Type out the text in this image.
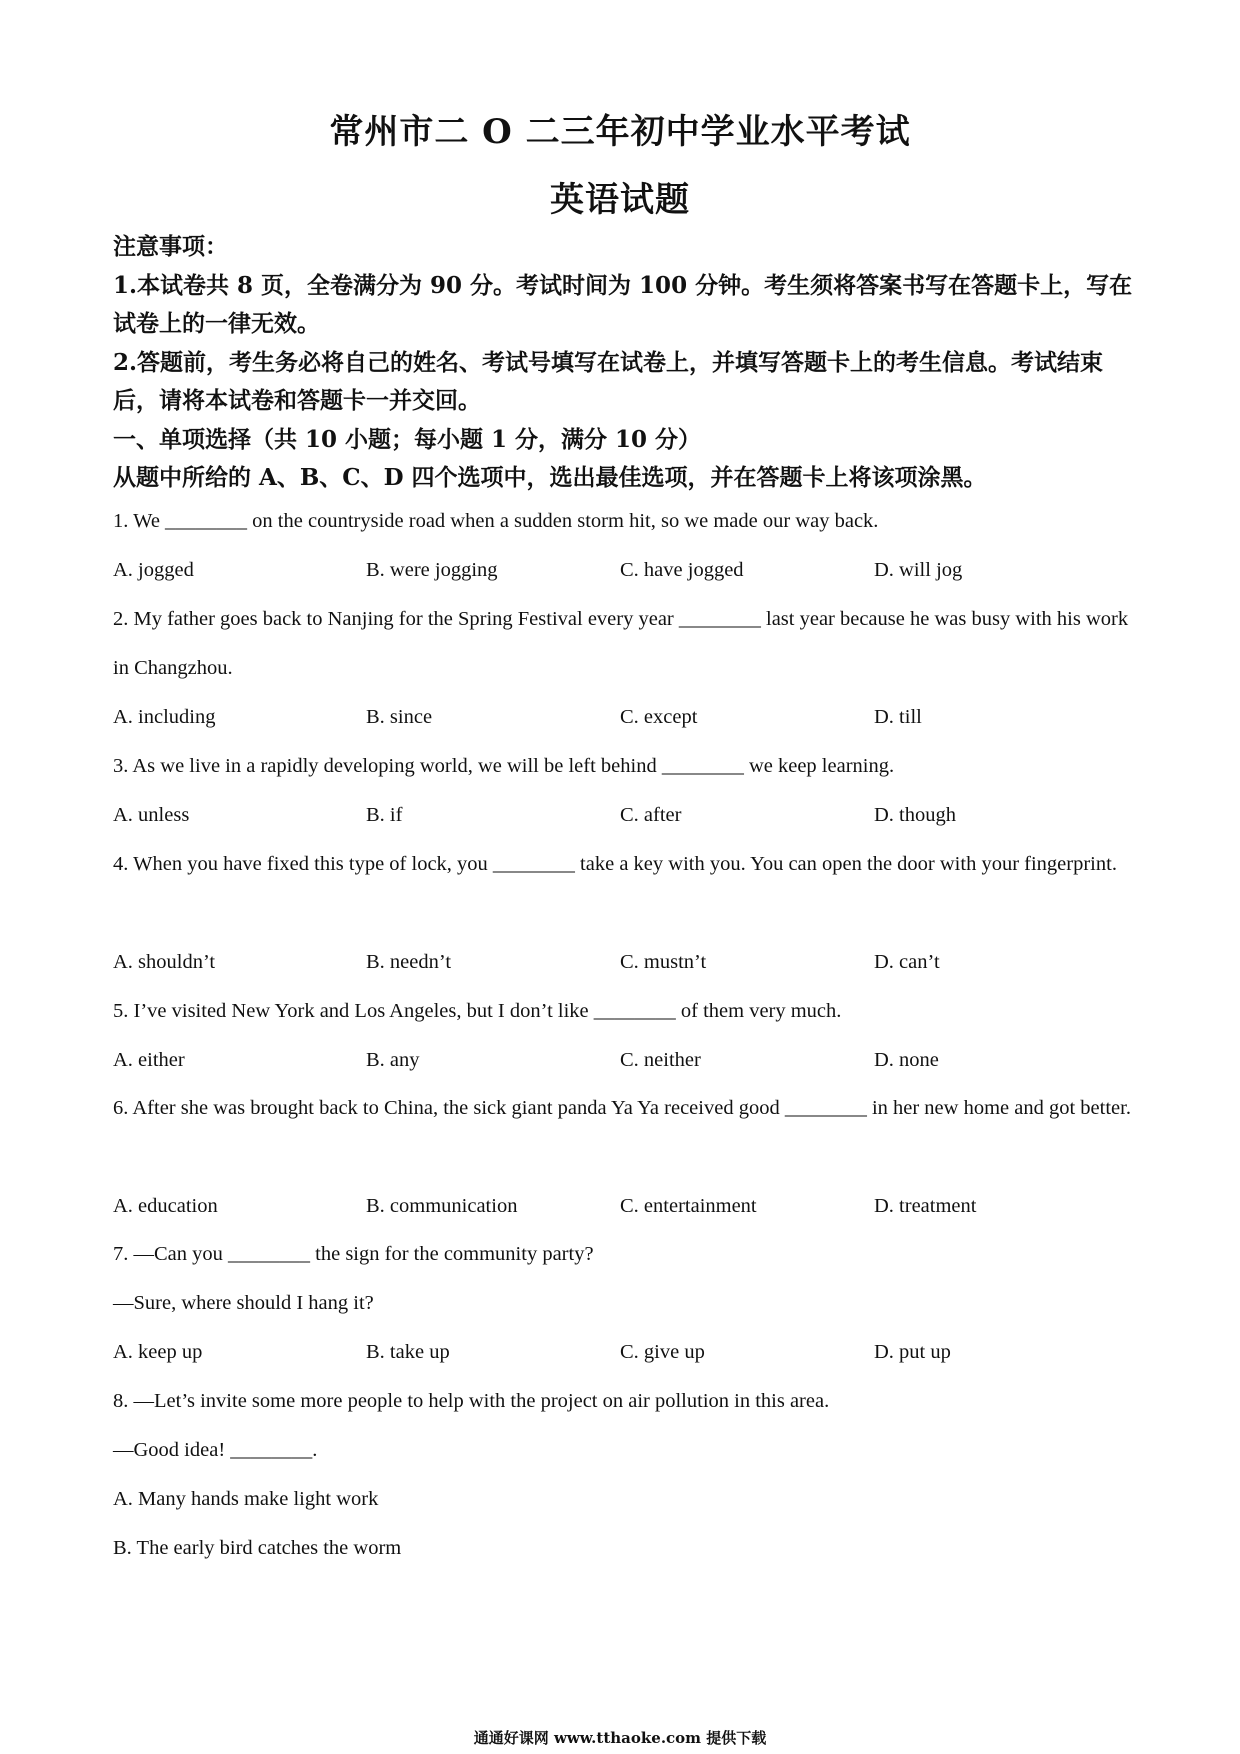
常州市二 O 二三年初中学业水平考试
英语试题

注意事项：

1.本试卷共 8 页，全卷满分为 90 分。考试时间为 100 分钟。考生须将答案书写在答题卡上，写在试卷上的一律无效。

2.答题前，考生务必将自己的姓名、考试号填写在试卷上，并填写答题卡上的考生信息。考试结束后，请将本试卷和答题卡一并交回。

一、单项选择（共 10 小题；每小题 1 分，满分 10 分）

从题中所给的 A、B、C、D 四个选项中，选出最佳选项，并在答题卡上将该项涂黑。

1. We ________ on the countryside road when a sudden storm hit, so we made our way back.
A. jogged	B. were jogging	C. have jogged	D. will jog
2. My father goes back to Nanjing for the Spring Festival every year ________ last year because he was busy with his work in Changzhou.
A. including	B. since	C. except	D. till
3. As we live in a rapidly developing world, we will be left behind ________ we keep learning.
A. unless	B. if	C. after	D. though
4. When you have fixed this type of lock, you ________ take a key with you. You can open the door with your fingerprint.
A. shouldn’t	B. needn’t	C. mustn’t	D. can’t
5. I’ve visited New York and Los Angeles, but I don’t like ________ of them very much.
A. either	B. any	C. neither	D. none
6. After she was brought back to China, the sick giant panda Ya Ya received good ________ in her new home and got better.
A. education	B. communication	C. entertainment	D. treatment
7. —Can you ________ the sign for the community party?
—Sure, where should I hang it?
A. keep up	B. take up	C. give up	D. put up
8. —Let’s invite some more people to help with the project on air pollution in this area.
—Good idea! ________.
A. Many hands make light work
B. The early bird catches the worm
通通好课网 www.tthaoke.com 提供下载
